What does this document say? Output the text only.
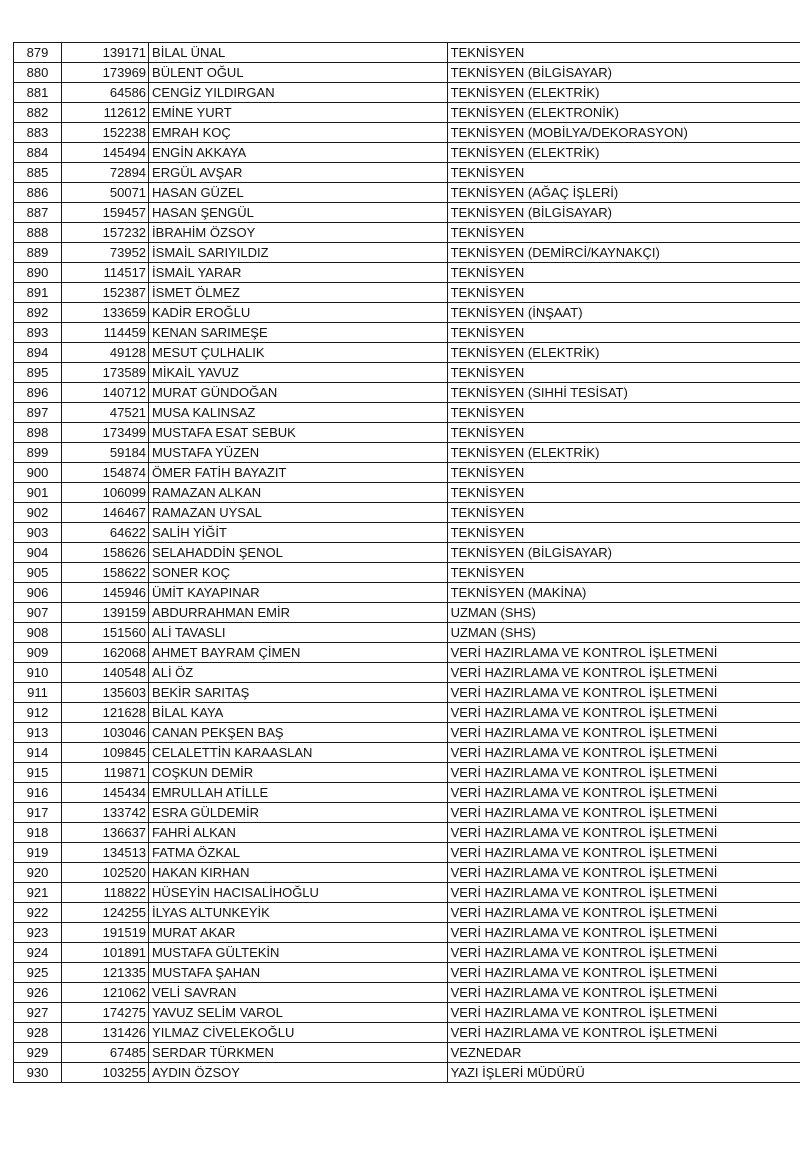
879	139171	BİLAL ÜNAL	TEKNİSYEN
880	173969	BÜLENT OĞUL	TEKNİSYEN (BİLGİSAYAR)
881	64586	CENGİZ YILDIRGAN	TEKNİSYEN (ELEKTRİK)
882	112612	EMİNE YURT	TEKNİSYEN (ELEKTRONİK)
883	152238	EMRAH KOÇ	TEKNİSYEN (MOBİLYA/DEKORASYON)
884	145494	ENGİN AKKAYA	TEKNİSYEN (ELEKTRİK)
885	72894	ERGÜL AVŞAR	TEKNİSYEN
886	50071	HASAN GÜZEL	TEKNİSYEN (AĞAÇ İŞLERİ)
887	159457	HASAN ŞENGÜL	TEKNİSYEN (BİLGİSAYAR)
888	157232	İBRAHİM ÖZSOY	TEKNİSYEN
889	73952	İSMAİL SARIYILDIZ	TEKNİSYEN (DEMİRCİ/KAYNAKÇI)
890	114517	İSMAİL YARAR	TEKNİSYEN
891	152387	İSMET ÖLMEZ	TEKNİSYEN
892	133659	KADİR EROĞLU	TEKNİSYEN (İNŞAAT)
893	114459	KENAN SARIMEŞE	TEKNİSYEN
894	49128	MESUT ÇULHALIK	TEKNİSYEN (ELEKTRİK)
895	173589	MİKAİL YAVUZ	TEKNİSYEN
896	140712	MURAT GÜNDOĞAN	TEKNİSYEN (SIHHİ TESİSAT)
897	47521	MUSA KALINSAZ	TEKNİSYEN
898	173499	MUSTAFA ESAT SEBUK	TEKNİSYEN
899	59184	MUSTAFA YÜZEN	TEKNİSYEN (ELEKTRİK)
900	154874	ÖMER FATİH BAYAZIT	TEKNİSYEN
901	106099	RAMAZAN ALKAN	TEKNİSYEN
902	146467	RAMAZAN UYSAL	TEKNİSYEN
903	64622	SALİH YİĞİT	TEKNİSYEN
904	158626	SELAHADDİN ŞENOL	TEKNİSYEN (BİLGİSAYAR)
905	158622	SONER KOÇ	TEKNİSYEN
906	145946	ÜMİT KAYAPINAR	TEKNİSYEN (MAKİNA)
907	139159	ABDURRAHMAN EMİR	UZMAN (SHS)
908	151560	ALİ TAVASLI	UZMAN (SHS)
909	162068	AHMET BAYRAM ÇİMEN	VERİ HAZIRLAMA VE KONTROL İŞLETMENİ
910	140548	ALİ ÖZ	VERİ HAZIRLAMA VE KONTROL İŞLETMENİ
911	135603	BEKİR SARITAŞ	VERİ HAZIRLAMA VE KONTROL İŞLETMENİ
912	121628	BİLAL KAYA	VERİ HAZIRLAMA VE KONTROL İŞLETMENİ
913	103046	CANAN PEKŞEN BAŞ	VERİ HAZIRLAMA VE KONTROL İŞLETMENİ
914	109845	CELALETTİN KARAASLAN	VERİ HAZIRLAMA VE KONTROL İŞLETMENİ
915	119871	COŞKUN DEMİR	VERİ HAZIRLAMA VE KONTROL İŞLETMENİ
916	145434	EMRULLAH ATİLLE	VERİ HAZIRLAMA VE KONTROL İŞLETMENİ
917	133742	ESRA GÜLDEMİR	VERİ HAZIRLAMA VE KONTROL İŞLETMENİ
918	136637	FAHRİ ALKAN	VERİ HAZIRLAMA VE KONTROL İŞLETMENİ
919	134513	FATMA ÖZKAL	VERİ HAZIRLAMA VE KONTROL İŞLETMENİ
920	102520	HAKAN KIRHAN	VERİ HAZIRLAMA VE KONTROL İŞLETMENİ
921	118822	HÜSEYİN HACISALİHOĞLU	VERİ HAZIRLAMA VE KONTROL İŞLETMENİ
922	124255	İLYAS ALTUNKEYİK	VERİ HAZIRLAMA VE KONTROL İŞLETMENİ
923	191519	MURAT AKAR	VERİ HAZIRLAMA VE KONTROL İŞLETMENİ
924	101891	MUSTAFA GÜLTEKİN	VERİ HAZIRLAMA VE KONTROL İŞLETMENİ
925	121335	MUSTAFA ŞAHAN	VERİ HAZIRLAMA VE KONTROL İŞLETMENİ
926	121062	VELİ SAVRAN	VERİ HAZIRLAMA VE KONTROL İŞLETMENİ
927	174275	YAVUZ SELİM VAROL	VERİ HAZIRLAMA VE KONTROL İŞLETMENİ
928	131426	YILMAZ CİVELEKOĞLU	VERİ HAZIRLAMA VE KONTROL İŞLETMENİ
929	67485	SERDAR TÜRKMEN	VEZNEDAR
930	103255	AYDIN ÖZSOY	YAZI İŞLERİ MÜDÜRÜ
